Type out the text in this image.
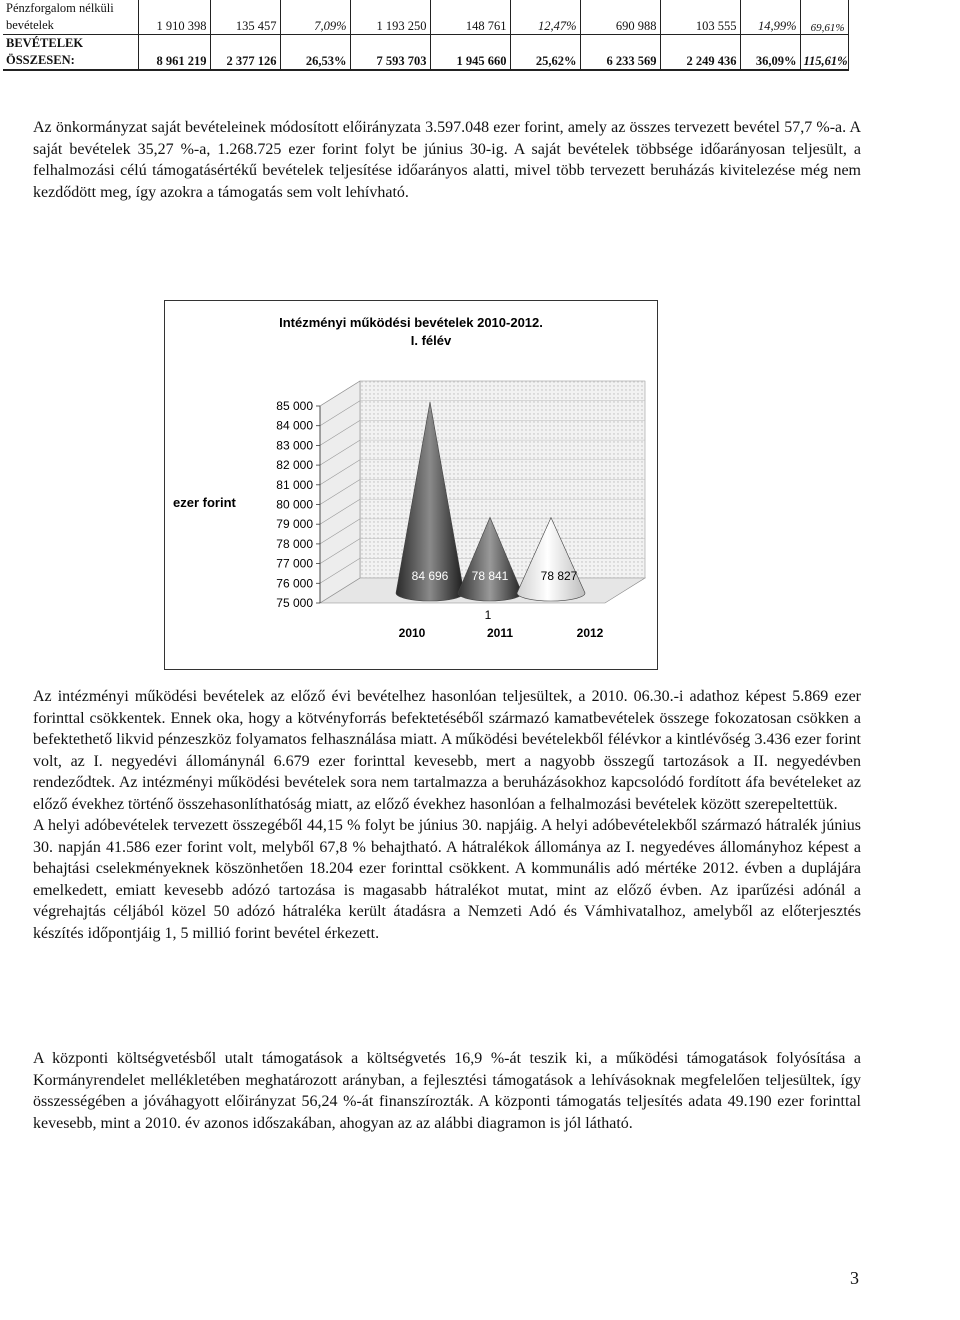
Pénzforgalom nélküli bevételek	1 910 398	135 457	7,09%	1 193 250	148 761	12,47%	690 988	103 555	14,99%	69,61%
BEVÉTELEK ÖSSZESEN:	8 961 219	2 377 126	26,53%	7 593 703	1 945 660	25,62%	6 233 569	2 249 436	36,09%	115,61%

Az önkormányzat saját bevételeinek módosított előirányzata 3.597.048 ezer forint, amely az összes tervezett bevétel 57,7 %-a. A saját bevételek 35,27 %-a, 1.268.725 ezer forint folyt be június 30-ig. A saját bevételek többsége időarányosan teljesült, a felhalmozási célú támogatásértékű bevételek teljesítése időarányos alatti, mivel több tervezett beruházás kivitelezése még nem kezdődött meg, így azokra a támogatás sem volt lehívható.

Intézményi működési bevételek 2010-2012.
I. félév
ezer forint
85 000
84 000
83 000
82 000
81 000
80 000
79 000
78 000
77 000
76 000
75 000
84 696 78 841	78 827
2010	2011	2012
1

Az intézményi működési bevételek az előző évi bevételhez hasonlóan teljesültek, a 2010. 06.30.-i adathoz képest 5.869 ezer forinttal csökkentek. Ennek oka, hogy a kötvényforrás befektetéséből származó kamatbevételek összege fokozatosan csökken a befektethető likvid pénzeszköz folyamatos felhasználása miatt. A működési bevételekből félévkor a kintlévőség 3.436 ezer forint volt, az I. negyedévi állománynál 6.679 ezer forinttal kevesebb, mert a nagyobb összegű tartozások a II. negyedévben rendeződtek. Az intézményi működési bevételek sora nem tartalmazza a beruházásokhoz kapcsolódó fordított áfa bevételeket az előző évekhez történő összehasonlíthatóság miatt, az előző évekhez hasonlóan a felhalmozási bevételek között szerepeltettük.

A helyi adóbevételek tervezett összegéből 44,15 % folyt be június 30. napjáig. A helyi adóbevételekből származó hátralék június 30. napján 41.586 ezer forint volt, melyből 67,8 % behajtható. A hátralékok állománya az I. negyedéves állományhoz képest a behajtási cselekményeknek köszönhetően 18.204 ezer forinttal csökkent. A kommunális adó mértéke 2012. évben a duplájára emelkedett, emiatt kevesebb adózó tartozása is magasabb hátralékot mutat, mint az előző évben. Az iparűzési adónál a végrehajtás céljából közel 50 adózó hátraléka került átadásra a Nemzeti Adó és Vámhivatalhoz, amelyből az előterjesztés készítés időpontjáig 1, 5 millió forint bevétel érkezett.

A központi költségvetésből utalt támogatások a költségvetés 16,9 %-át teszik ki, a működési támogatások folyósítása a Kormányrendelet mellékletében meghatározott arányban, a fejlesztési támogatások a lehívásoknak megfelelően teljesültek, így összességében a jóváhagyott előirányzat 56,24 %-át finanszírozták. A központi támogatás teljesítés adata 49.190 ezer forinttal kevesebb, mint a 2010. év azonos időszakában, ahogyan az az alábbi diagramon is jól látható.

3
